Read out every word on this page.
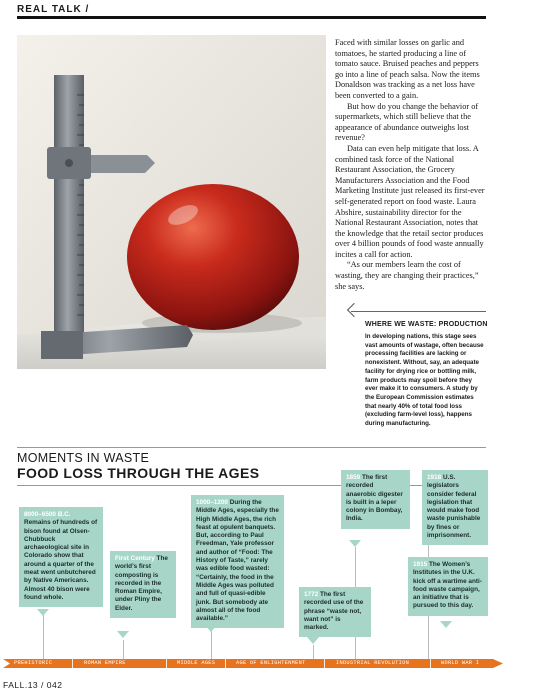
REAL TALK /

Faced with similar losses on garlic and tomatoes, he started producing a line of tomato sauce. Bruised peaches and peppers go into a line of peach salsa. Now the items Donaldson was tracking as a net loss have been converted to a gain.

But how do you change the behavior of supermarkets, which still believe that the appearance of abundance outweighs lost revenue?

Data can even help mitigate that loss. A combined task force of the National Restaurant Association, the Grocery Manufacturers Association and the Food Marketing Institute just released its first-ever self-generated report on food waste. Laura Abshire, sustainability director for the National Restaurant Association, notes that the knowledge that the retail sector produces over 4 billion pounds of food waste annually incites a call for action.

“As our members learn the cost of wasting, they are changing their practices,” she says.

WHERE WE WASTE: PRODUCTION
In developing nations, this stage sees vast amounts of wastage, often because processing facilities are lacking or nonexistent. Without, say, an adequate facility for drying rice or bottling milk, farm products may spoil before they ever make it to consumers. A study by the European Commission estimates that nearly 40% of total food loss (excluding farm-level loss), happens during manufacturing.
MOMENTS IN WASTE
FOOD LOSS THROUGH THE AGES
8000–6500 B.C. Remains of hundreds of bison found at Olsen-Chubbuck archaeological site in Colorado show that around a quarter of the meat went unbutchered by Native Americans. Almost 40 bison were found whole.
First Century The world’s first composting is recorded in the Roman Empire, under Pliny the Elder.
1000–1200 During the Middle Ages, especially the High Middle Ages, the rich feast at opulent banquets. But, according to Paul Freedman, Yale professor and author of “Food: The History of Taste,” rarely was edible food wasted: “Certainly, the food in the Middle Ages was polluted and full of quasi-edible junk. But somebody ate almost all of the food available.”
1772 The first recorded use of the phrase “waste not, want not” is marked.
1859 The first recorded anaerobic digester is built in a leper colony in Bombay, India.
1918 U.S. legislators consider federal legislation that would make food waste punishable by fines or imprisonment.
1915 The Women’s Institutes in the U.K. kick off a wartime anti-food waste campaign, an initiative that is pursued to this day.
PREHISTORIC	ROMAN EMPIRE	MIDDLE AGES	AGE OF ENLIGHTENMENT	INDUSTRIAL REVOLUTION	WORLD WAR I
FALL.13 / 042
